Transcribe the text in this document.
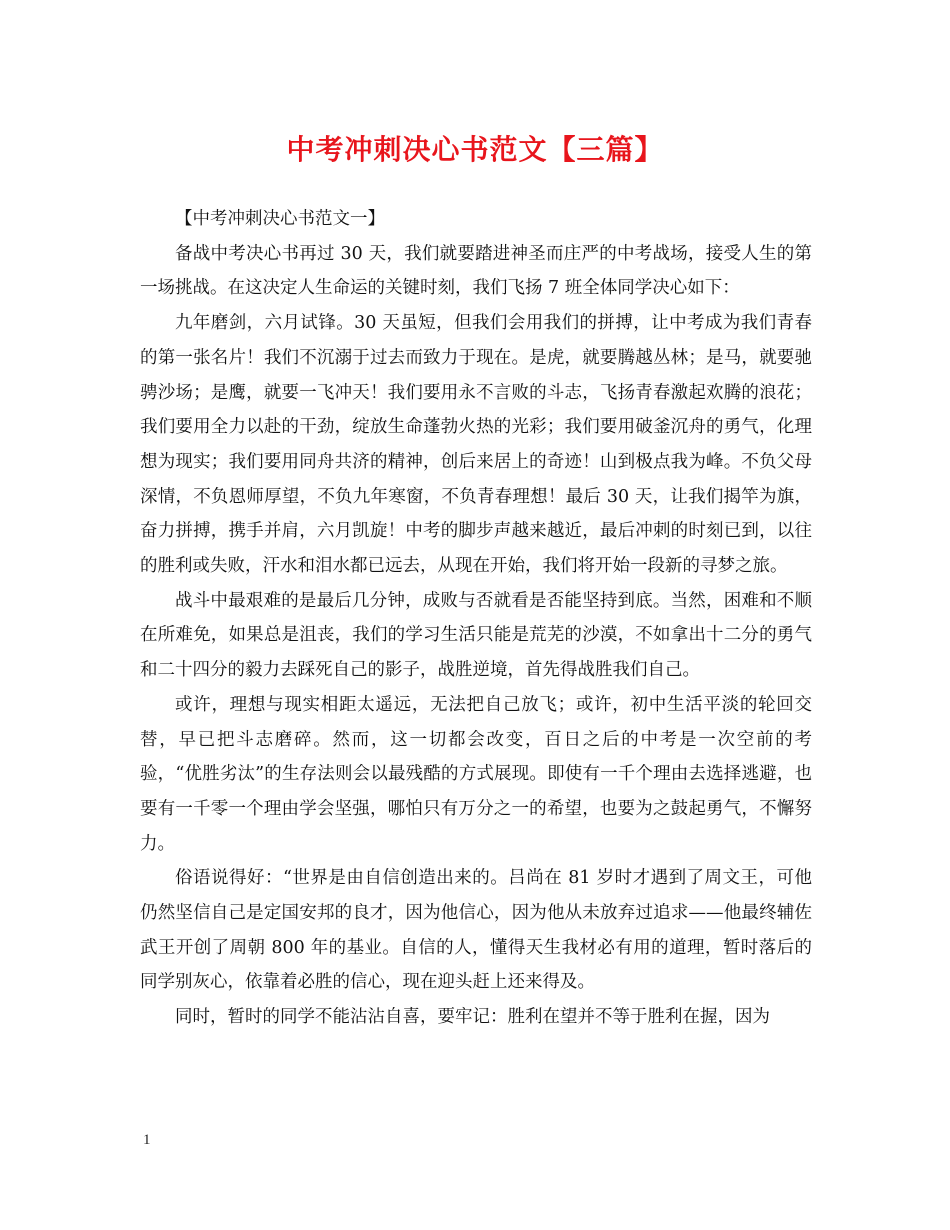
中考冲刺决心书范文【三篇】

【中考冲刺决心书范文一】

备战中考决心书再过 30 天，我们就要踏进神圣而庄严的中考战场，接受人生的第一场挑战。在这决定人生命运的关键时刻，我们飞扬 7 班全体同学决心如下：

九年磨剑，六月试锋。30 天虽短，但我们会用我们的拼搏，让中考成为我们青春的第一张名片！我们不沉溺于过去而致力于现在。是虎，就要腾越丛林；是马，就要驰骋沙场；是鹰，就要一飞冲天！我们要用永不言败的斗志，飞扬青春激起欢腾的浪花；我们要用全力以赴的干劲，绽放生命蓬勃火热的光彩；我们要用破釜沉舟的勇气，化理想为现实；我们要用同舟共济的精神，创后来居上的奇迹！山到极点我为峰。不负父母深情，不负恩师厚望，不负九年寒窗，不负青春理想！最后 30 天，让我们揭竿为旗，奋力拼搏，携手并肩，六月凯旋！中考的脚步声越来越近，最后冲刺的时刻已到，以往的胜利或失败，汗水和泪水都已远去，从现在开始，我们将开始一段新的寻梦之旅。

战斗中最艰难的是最后几分钟，成败与否就看是否能坚持到底。当然，困难和不顺在所难免，如果总是沮丧，我们的学习生活只能是荒芜的沙漠，不如拿出十二分的勇气和二十四分的毅力去踩死自己的影子，战胜逆境，首先得战胜我们自己。

或许，理想与现实相距太遥远，无法把自己放飞；或许，初中生活平淡的轮回交替，早已把斗志磨碎。然而，这一切都会改变，百日之后的中考是一次空前的考验，“优胜劣汰”的生存法则会以最残酷的方式展现。即使有一千个理由去选择逃避，也要有一千零一个理由学会坚强，哪怕只有万分之一的希望，也要为之鼓起勇气，不懈努力。

俗语说得好：“世界是由自信创造出来的。吕尚在 81 岁时才遇到了周文王，可他仍然坚信自己是定国安邦的良才，因为他信心，因为他从未放弃过追求——他最终辅佐武王开创了周朝 800 年的基业。自信的人，懂得天生我材必有用的道理，暂时落后的同学别灰心，依靠着必胜的信心，现在迎头赶上还来得及。

同时，暂时的同学不能沾沾自喜，要牢记：胜利在望并不等于胜利在握，因为

1
